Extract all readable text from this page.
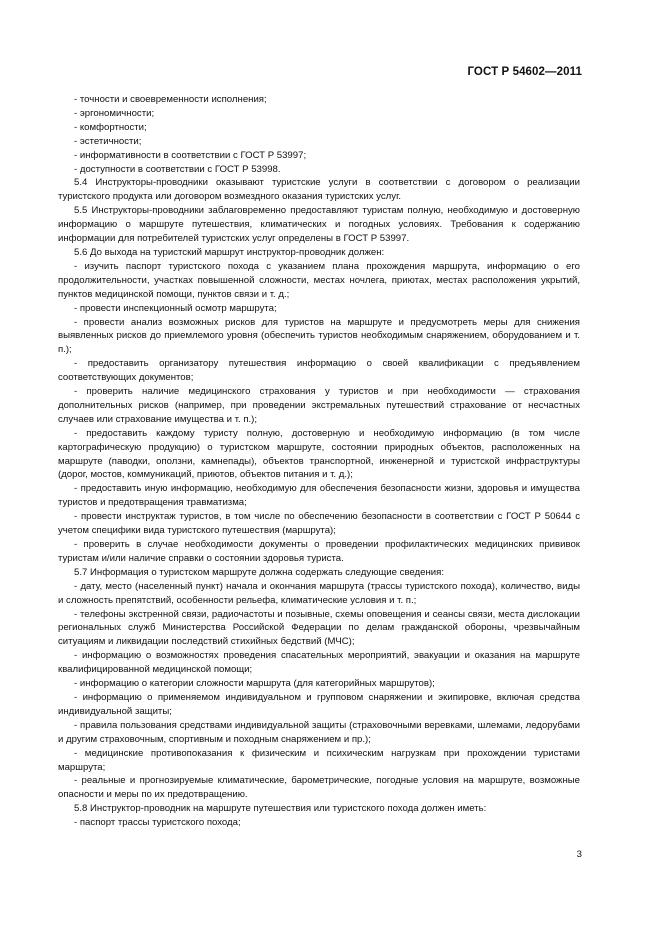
ГОСТ Р 54602—2011

- точности и своевременности исполнения;

- эргономичности;

- комфортности;

- эстетичности;

- информативности в соответствии с ГОСТ Р 53997;

- доступности в соответствии с ГОСТ Р 53998.

5.4 Инструкторы-проводники оказывают туристские услуги в соответствии с договором о реализации туристского продукта или договором возмездного оказания туристских услуг.

5.5 Инструкторы-проводники заблаговременно предоставляют туристам полную, необходимую и достоверную информацию о маршруте путешествия, климатических и погодных условиях. Требования к содержанию информации для потребителей туристских услуг определены в ГОСТ Р 53997.

5.6 До выхода на туристский маршрут инструктор-проводник должен:

- изучить паспорт туристского похода с указанием плана прохождения маршрута, информацию о его продолжительности, участках повышенной сложности, местах ночлега, приютах, местах расположения укрытий, пунктов медицинской помощи, пунктов связи и т. д.;

- провести инспекционный осмотр маршрута;

- провести анализ возможных рисков для туристов на маршруте и предусмотреть меры для снижения выявленных рисков до приемлемого уровня (обеспечить туристов необходимым снаряжением, оборудованием и т. п.);

- предоставить организатору путешествия информацию о своей квалификации с предъявлением соответствующих документов;

- проверить наличие медицинского страхования у туристов и при необходимости — страхования дополнительных рисков (например, при проведении экстремальных путешествий страхование от несчастных случаев или страхование имущества и т. п.);

- предоставить каждому туристу полную, достоверную и необходимую информацию (в том числе картографическую продукцию) о туристском маршруте, состоянии природных объектов, расположенных на маршруте (паводки, оползни, камнепады), объектов транспортной, инженерной и туристской инфраструктуры (дорог, мостов, коммуникаций, приютов, объектов питания и т. д.);

- предоставить иную информацию, необходимую для обеспечения безопасности жизни, здоровья и имущества туристов и предотвращения травматизма;

- провести инструктаж туристов, в том числе по обеспечению безопасности в соответствии с ГОСТ Р 50644 с учетом специфики вида туристского путешествия (маршрута);

- проверить в случае необходимости документы о проведении профилактических медицинских прививок туристам и/или наличие справки о состоянии здоровья туриста.

5.7 Информация о туристском маршруте должна содержать следующие сведения:

- дату, место (населенный пункт) начала и окончания маршрута (трассы туристского похода), количество, виды и сложность препятствий, особенности рельефа, климатические условия и т. п.;

- телефоны экстренной связи, радиочастоты и позывные, схемы оповещения и сеансы связи, места дислокации региональных служб Министерства Российской Федерации по делам гражданской обороны, чрезвычайным ситуациям и ликвидации последствий стихийных бедствий (МЧС);

- информацию о возможностях проведения спасательных мероприятий, эвакуации и оказания на маршруте квалифицированной медицинской помощи;

- информацию о категории сложности маршрута (для категорийных маршрутов);

- информацию о применяемом индивидуальном и групповом снаряжении и экипировке, включая средства индивидуальной защиты;

- правила пользования средствами индивидуальной защиты (страховочными веревками, шлемами, ледорубами и другим страховочным, спортивным и походным снаряжением и пр.);

- медицинские противопоказания к физическим и психическим нагрузкам при прохождении туристами маршрута;

- реальные и прогнозируемые климатические, барометрические, погодные условия на маршруте, возможные опасности и меры по их предотвращению.

5.8 Инструктор-проводник на маршруте путешествия или туристского похода должен иметь:

- паспорт трассы туристского похода;

3
